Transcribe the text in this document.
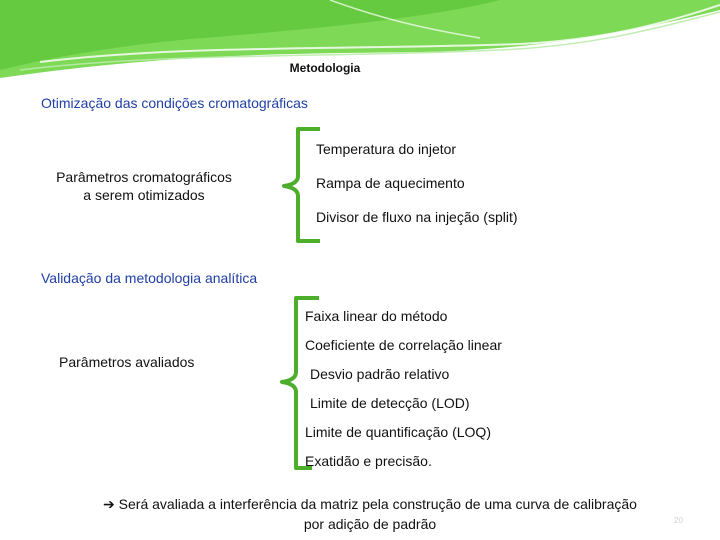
Metodologia
Otimização das condições cromatográficas
Parâmetros cromatográficos
a serem otimizados
Temperatura do injetor
Rampa de aquecimento
Divisor de fluxo na injeção (split)
Validação da metodologia analítica
Parâmetros avaliados
Faixa linear do método
Coeficiente de correlação linear
Desvio padrão relativo
Limite de detecção (LOD)
Limite de quantificação (LOQ)
Exatidão e precisão.
➔ Será avaliada a interferência da matriz pela construção de uma curva de calibração
por adição de padrão	20
